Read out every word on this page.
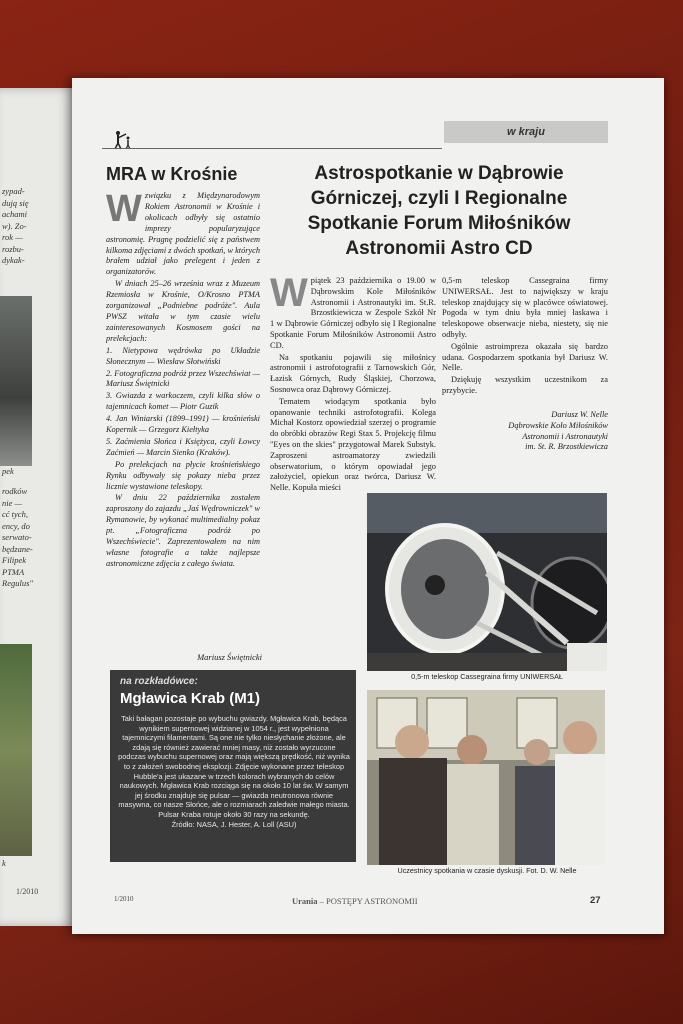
zypad-
dują się
achami
w). Zo-
rok —
rozbu-
dykak-
pek
rodków
nie —
cć tych,
ency, do
serwato-
będzane-
Filipek
PTMA
Regulus"
k
1/2010
w kraju
MRA w Krośnie

Wzwiązku z Międzynarodowym Rokiem Astronomii w Krośnie i okolicach odbyły się ostatnio imprezy popularyzujące astronomię. Pragnę podzielić się z państwem kilkoma zdjęciami z dwóch spotkań, w których brałem udział jako prelegent i jeden z organizatorów.

W dniach 25–26 września wraz z Muzeum Rzemiosła w Krośnie, O/Krosno PTMA zorganizował „Podniebne podróże". Aula PWSZ witała w tym czasie wielu zainteresowanych Kosmosem gości na prelekcjach:

1. Nietypowa wędrówka po Układzie Słonecznym — Wiesław Słotwiński

2. Fotograficzna podróż przez Wszechświat — Mariusz Świętnicki

3. Gwiazda z warkoczem, czyli kilka słów o tajemnicach komet — Piotr Guzik

4. Jan Winiarski (1899–1991) — krośnieński Kopernik — Grzegorz Kiełtyka

5. Zaćmienia Słońca i Księżyca, czyli Łowcy Zaćmień — Marcin Sienko (Kraków).

Po prelekcjach na płycie krośnieńskiego Rynku odbywały się pokazy nieba przez licznie wystawione teleskopy.

W dniu 22 października zostałem zaproszony do zajazdu „Jaś Wędrowniczek" w Rymanowie, by wykonać multimedialny pokaz pt. „Fotograficzna podróż po Wszechświecie". Zaprezentowałem na nim własne fotografie a także najlepsze astronomiczne zdjęcia z całego świata.

Mariusz Świętnicki
Astrospotkanie w Dąbrowie Górniczej, czyli I Regionalne Spotkanie Forum Miłośników Astronomii Astro CD

Wpiątek 23 października o 19.00 w Dąbrowskim Kole Miłośników Astronomii i Astronautyki im. St.R. Brzostkiewicza w Zespole Szkół Nr 1 w Dąbrowie Górniczej odbyło się I Regionalne Spotkanie Forum Miłośników Astronomii Astro CD.

Na spotkaniu pojawili się miłośnicy astronomii i astrofotografii z Tarnowskich Gór, Łazisk Górnych, Rudy Śląskiej, Chorzowa, Sosnowca oraz Dąbrowy Górniczej.

Tematem wiodącym spotkania było opanowanie techniki astrofotografii. Kolega Michał Kostorz opowiedział szerzej o programie do obróbki obrazów Regi Stax 5. Projekcję filmu "Eyes on the skies" przygotował Marek Substyk. Zaproszeni astroamatorzy zwiedzili obserwatorium, o którym opowiadał jego założyciel, opiekun oraz twórca, Dariusz W. Nelle. Kopuła mieści

0,5-m teleskop Cassegraina firmy UNIWERSAŁ. Jest to największy w kraju teleskop znajdujący się w placówce oświatowej. Pogoda w tym dniu była mniej łaskawa i teleskopowe obserwacje nieba, niestety, się nie odbyły.

Ogólnie astroimpreza okazała się bardzo udana. Gospodarzem spotkania był Dariusz W. Nelle.

Dziękuję wszystkim uczestnikom za przybycie.

Dariusz W. Nelle
Dąbrowskie Koło Miłośników
Astronomii i Astronautyki
im. St. R. Brzostkiewicza
0,5-m teleskop Cassegraina firmy UNIWERSAŁ
Uczestnicy spotkania w czasie dyskusji. Fot. D. W. Nelle
na rozkładówce:
Mgławica Krab (M1)
Taki bałagan pozostaje po wybuchu gwiazdy. Mgławica Krab, będąca wynikiem supernowej widzianej w 1054 r., jest wypełniona tajemniczymi filamentami. Są one nie tylko niesłychanie złożone, ale zdają się również zawierać mniej masy, niż zostało wyrzucone podczas wybuchu supernowej oraz mają większą prędkość, niż wynika to z założeń swobodnej eksplozji. Zdjęcie wykonane przez teleskop Hubble'a jest ukazane w trzech kolorach wybranych do celów naukowych. Mgławica Krab rozciąga się na około 10 lat św. W samym jej środku znajduje się pulsar — gwiazda neutronowa równie masywna, co nasze Słońce, ale o rozmiarach zaledwie małego miasta. Pulsar Kraba rotuje około 30 razy na sekundę.
Źródło: NASA, J. Hester, A. Loll (ASU)
1/2010	Urania – POSTĘPY ASTRONOMII	27
